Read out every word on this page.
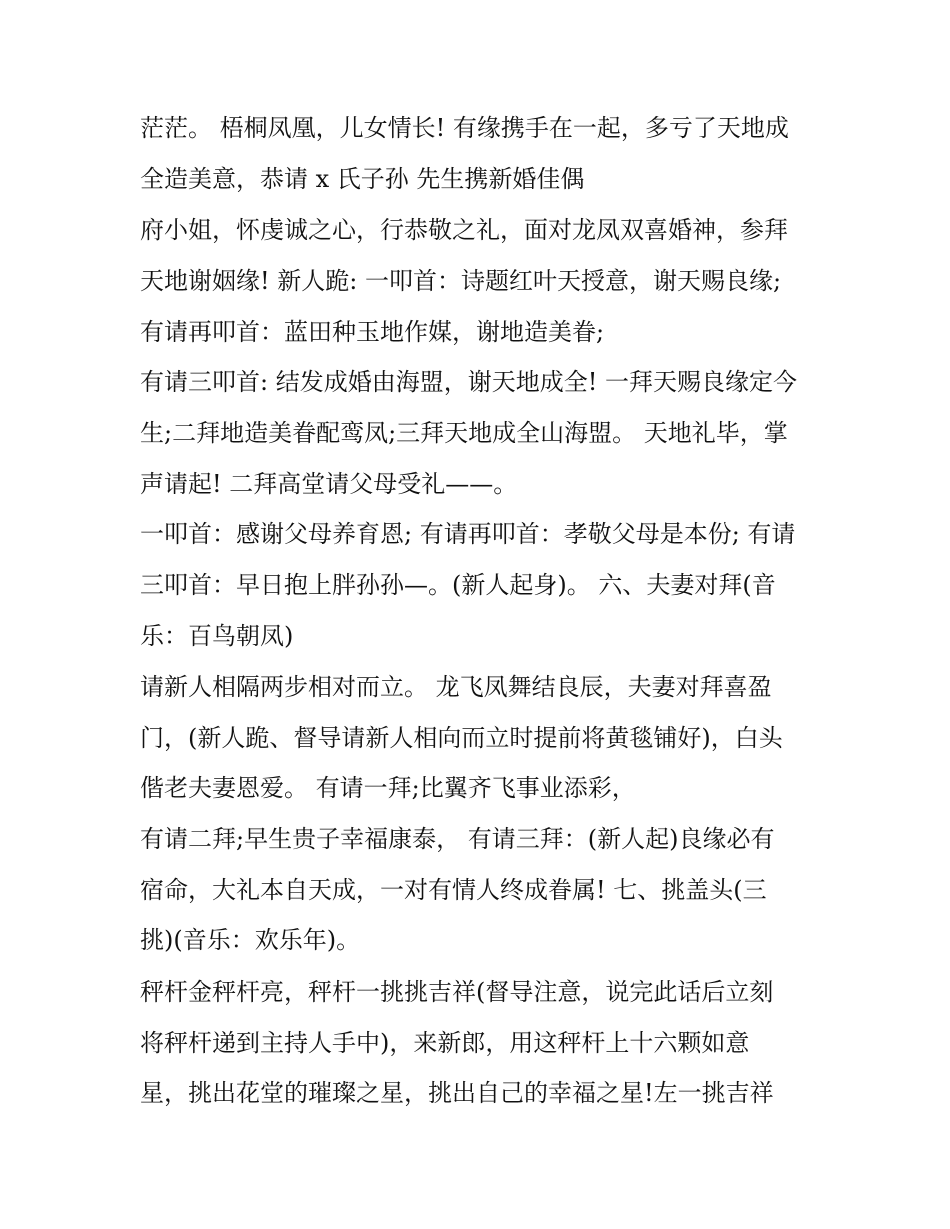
茫茫。 梧桐凤凰，儿女情长! 有缘携手在一起，多亏了天地成
全造美意，恭请 x 氏子孙 先生携新婚佳偶
府小姐，怀虔诚之心，行恭敬之礼，面对龙凤双喜婚神，参拜
天地谢姻缘! 新人跪: 一叩首：诗题红叶天授意，谢天赐良缘;
有请再叩首：蓝田种玉地作媒，谢地造美眷;
有请三叩首: 结发成婚由海盟，谢天地成全! 一拜天赐良缘定今
生;二拜地造美眷配鸾凤;三拜天地成全山海盟。 天地礼毕，掌
声请起! 二拜高堂请父母受礼——。
一叩首：感谢父母养育恩; 有请再叩首：孝敬父母是本份; 有请
三叩首：早日抱上胖孙孙—。(新人起身)。 六、夫妻对拜(音
乐：百鸟朝凤)
请新人相隔两步相对而立。 龙飞凤舞结良辰，夫妻对拜喜盈
门，(新人跪、督导请新人相向而立时提前将黄毯铺好)，白头
偕老夫妻恩爱。 有请一拜;比翼齐飞事业添彩，
有请二拜;早生贵子幸福康泰， 有请三拜：(新人起)良缘必有
宿命，大礼本自天成，一对有情人终成眷属! 七、挑盖头(三
挑)(音乐：欢乐年)。
秤杆金秤杆亮，秤杆一挑挑吉祥(督导注意，说完此话后立刻
将秤杆递到主持人手中)，来新郎，用这秤杆上十六颗如意
星，挑出花堂的璀璨之星，挑出自己的幸福之星!左一挑吉祥
